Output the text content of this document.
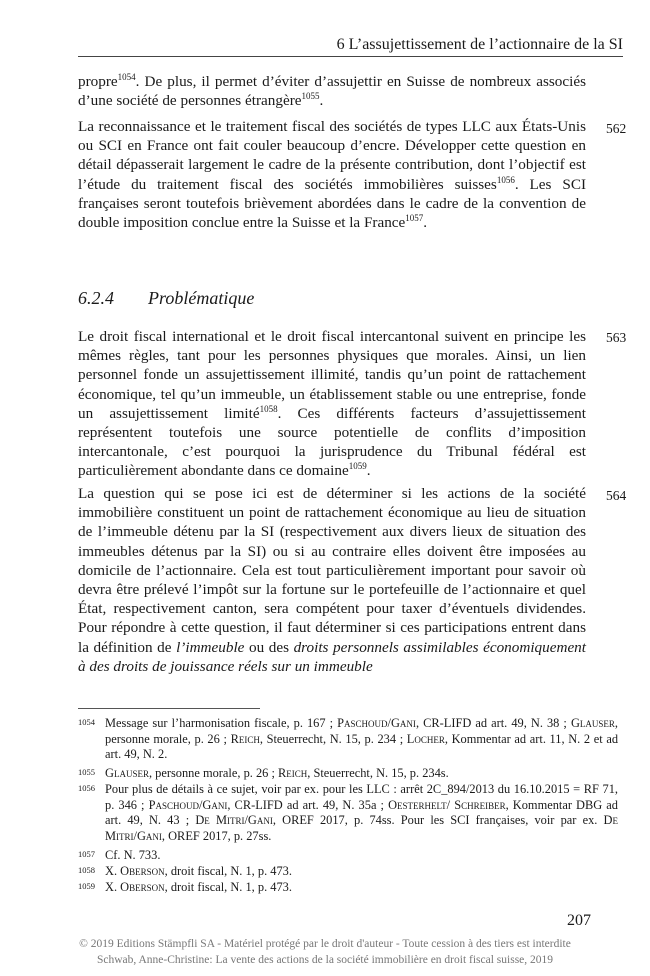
6 L’assujettissement de l’actionnaire de la SI

propre$^{1054}$. De plus, il permet d’éviter d’assujettir en Suisse de nombreux associés d’une société de personnes étrangère$^{1055}$.

562

La reconnaissance et le traitement fiscal des sociétés de types LLC aux États-Unis ou SCI en France ont fait couler beaucoup d’encre. Développer cette question en détail dépasserait largement le cadre de la présente contribution, dont l’objectif est l’étude du traitement fiscal des sociétés immobilières suisses$^{1056}$. Les SCI françaises seront toutefois brièvement abordées dans le cadre de la convention de double imposition conclue entre la Suisse et la France$^{1057}$.

6.2.4 Problématique
563

Le droit fiscal international et le droit fiscal intercantonal suivent en principe les mêmes règles, tant pour les personnes physiques que morales. Ainsi, un lien personnel fonde un assujettissement illimité, tandis qu’un point de rattachement économique, tel qu’un immeuble, un établissement stable ou une entreprise, fonde un assujettissement limité$^{1058}$. Ces différents facteurs d’assujettissement représentent toutefois une source potentielle de conflits d’imposition intercantonale, c’est pourquoi la jurisprudence du Tribunal fédéral est particulièrement abondante dans ce domaine$^{1059}$.

564

La question qui se pose ici est de déterminer si les actions de la société immobilière constituent un point de rattachement économique au lieu de situation de l’immeuble détenu par la SI (respectivement aux divers lieux de situation des immeubles détenus par la SI) ou si au contraire elles doivent être imposées au domicile de l’actionnaire. Cela est tout particulièrement important pour savoir où devra être prélevé l’impôt sur la fortune sur le portefeuille de l’actionnaire et quel État, respectivement canton, sera compétent pour taxer d’éventuels dividendes. Pour répondre à cette question, il faut déterminer si ces participations entrent dans la définition de l’immeuble ou des droits personnels assimilables économiquement à des droits de jouissance réels sur un immeuble

1054 Message sur l’harmonisation fiscale, p. 167 ; Paschoud/Gani, CR-LIFD ad art. 49, N. 38 ; Glauser, personne morale, p. 26 ; Reich, Steuerrecht, N. 15, p. 234 ; Locher, Kommentar ad art. 11, N. 2 et ad art. 49, N. 2.
1055 Glauser, personne morale, p. 26 ; Reich, Steuerrecht, N. 15, p. 234s.
1056 Pour plus de détails à ce sujet, voir par ex. pour les LLC : arrêt 2C_894/2013 du 16.10.2015 = RF 71, p. 346 ; Paschoud/Gani, CR-LIFD ad art. 49, N. 35a ; Oesterhelt/ Schreiber, Kommentar DBG ad art. 49, N. 43 ; De Mitri/Gani, OREF 2017, p. 74ss. Pour les SCI françaises, voir par ex. De Mitri/Gani, OREF 2017, p. 27ss.
1057 Cf. N. 733.
1058 X. Oberson, droit fiscal, N. 1, p. 473.
1059 X. Oberson, droit fiscal, N. 1, p. 473.
207
© 2019 Editions Stämpfli SA - Matériel protégé par le droit d'auteur - Toute cession à des tiers est interdite
Schwab, Anne-Christine: La vente des actions de la société immobilière en droit fiscal suisse, 2019
